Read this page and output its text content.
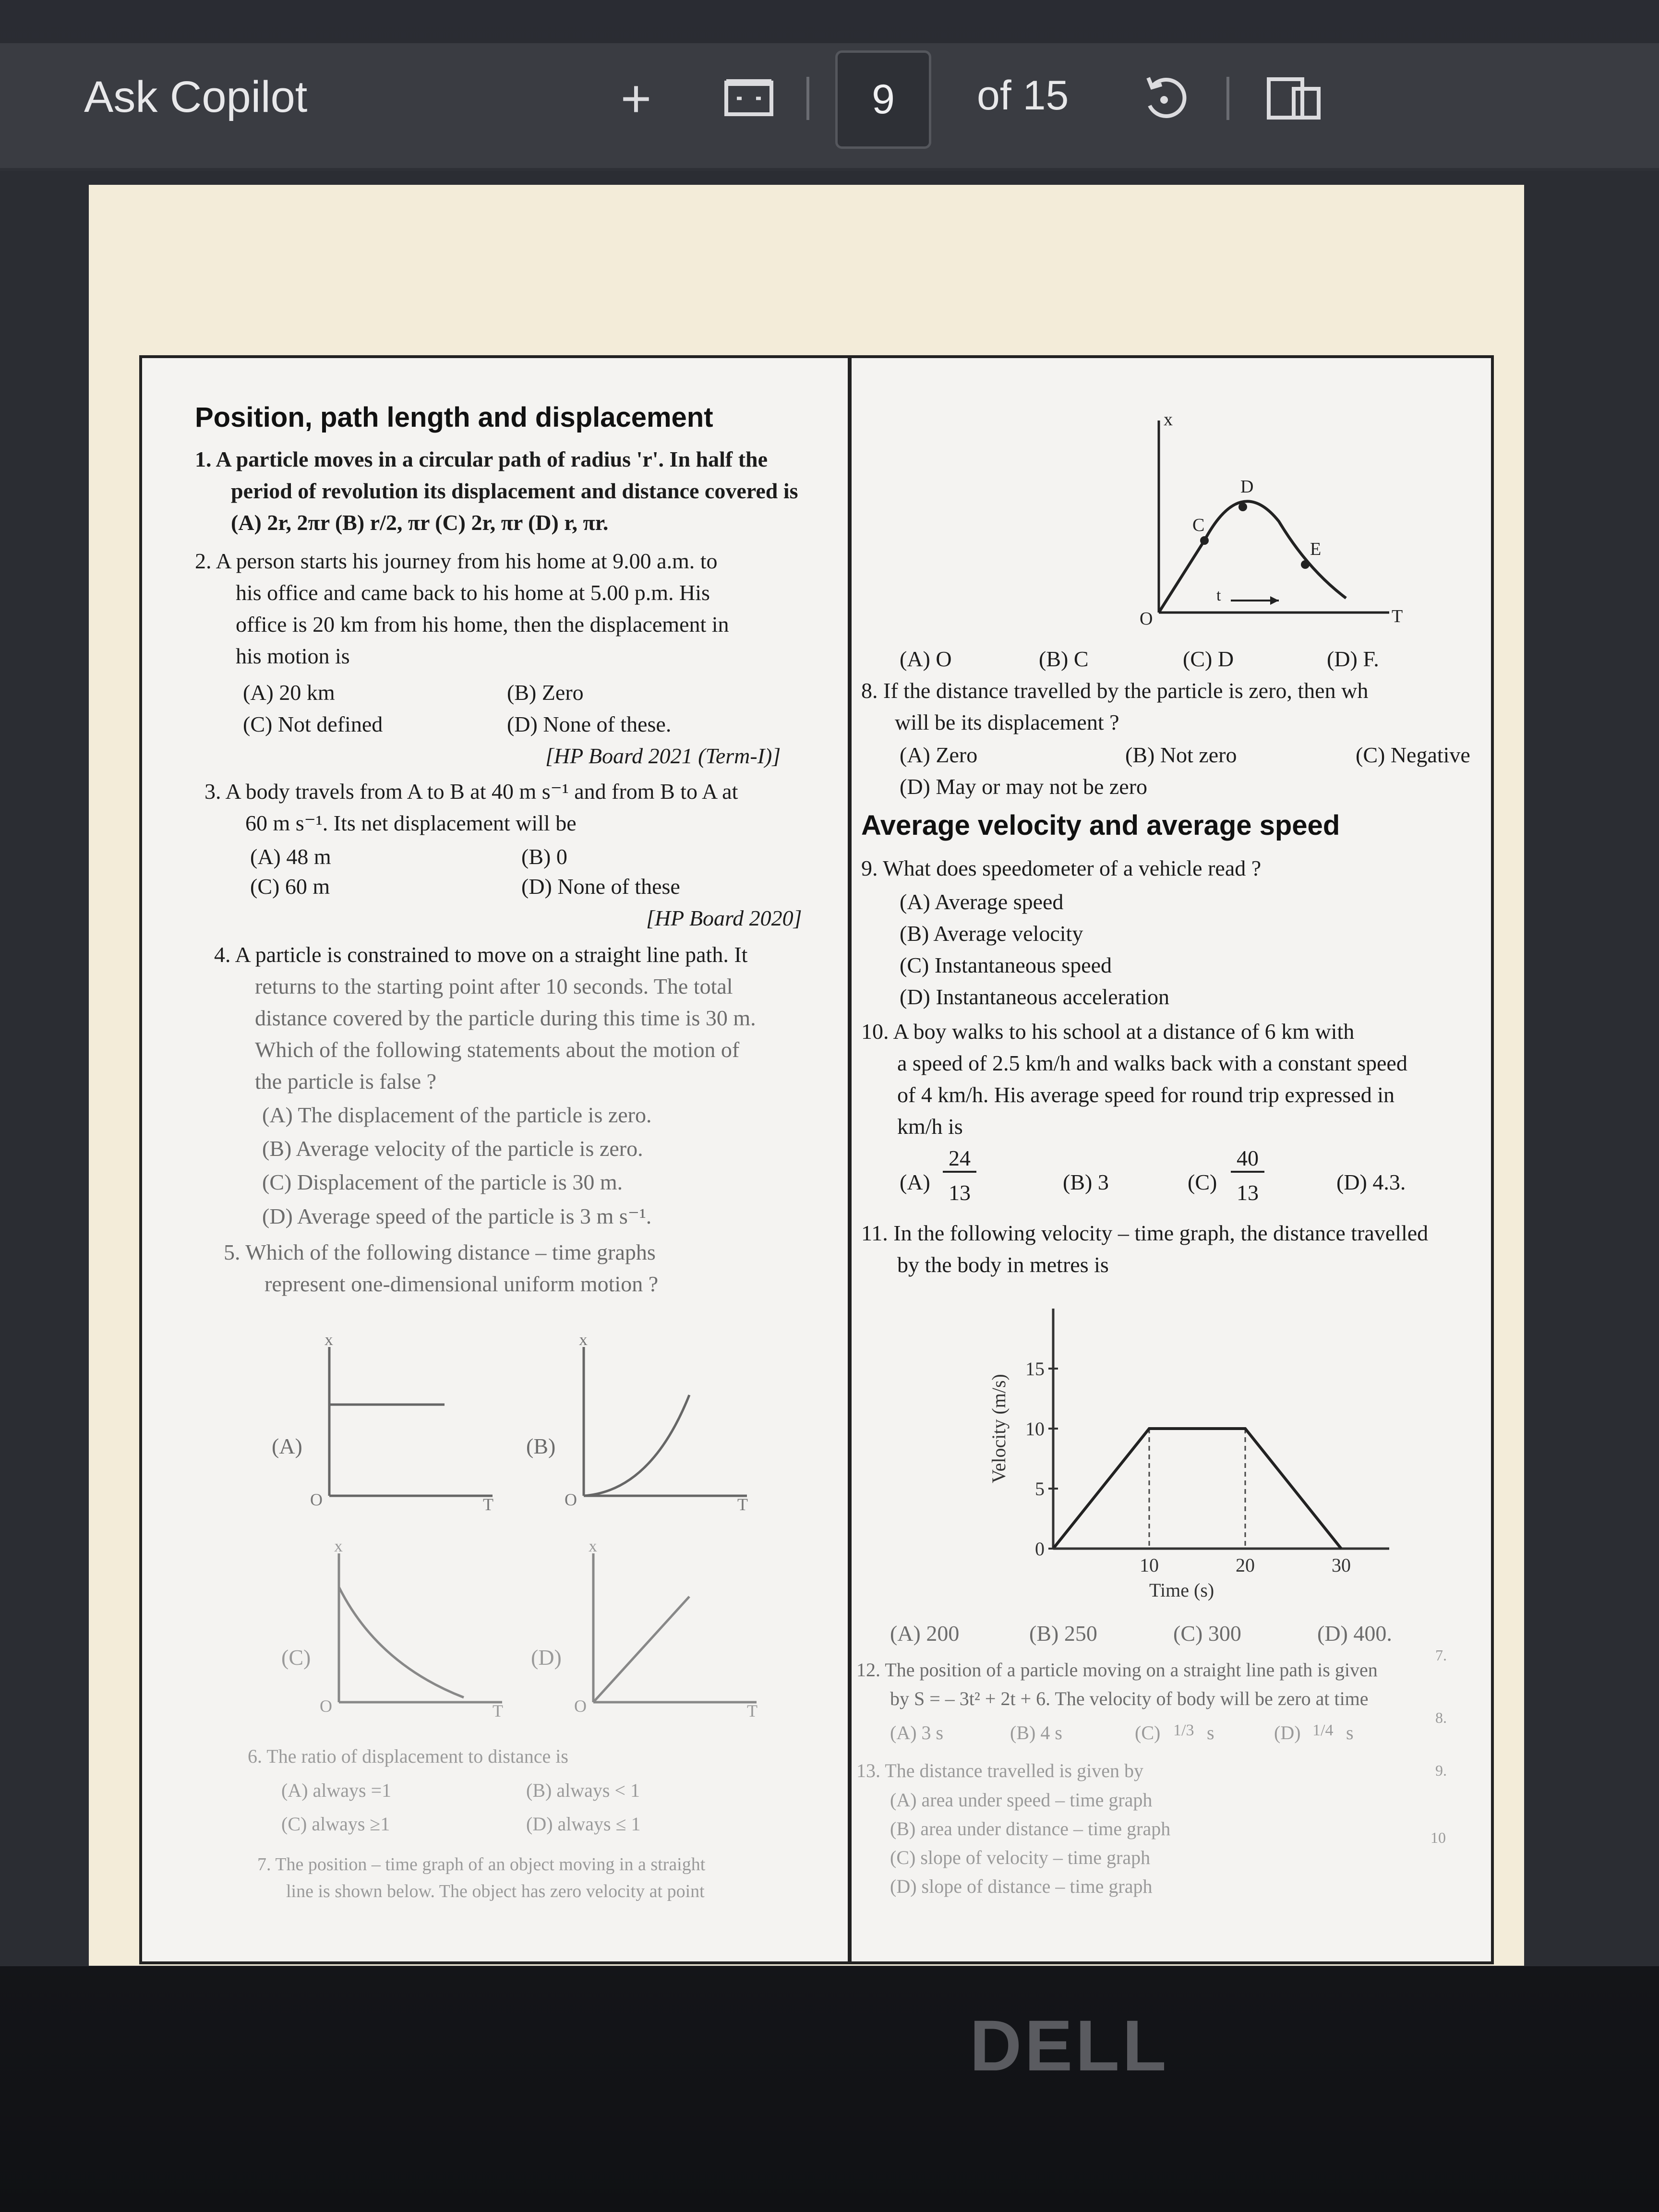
Ask Copilot	+	9 of 15
Position, path length and displacement
1. A particle moves in a circular path of radius 'r'. In half the
period of revolution its displacement and distance covered is
(A) 2r, 2πr (B) r/2, πr (C) 2r, πr (D) r, πr.
2. A person starts his journey from his home at 9.00 a.m. to
his office and came back to his home at 5.00 p.m. His
office is 20 km from his home, then the displacement in
his motion is
(A) 20 km	(B) Zero
(C) Not defined	(D) None of these.
[HP Board 2021 (Term-I)]
3. A body travels from A to B at 40 m s⁻¹ and from B to A at
60 m s⁻¹. Its net displacement will be
(A) 48 m	(B) 0
(C) 60 m	(D) None of these
[HP Board 2020]
4. A particle is constrained to move on a straight line path. It
returns to the starting point after 10 seconds. The total
distance covered by the particle during this time is 30 m.
Which of the following statements about the motion of
the particle is false ?
(A) The displacement of the particle is zero.
(B) Average velocity of the particle is zero.
(C) Displacement of the particle is 30 m.
(D) Average speed of the particle is 3 m s⁻¹.
5. Which of the following distance – time graphs
represent one-dimensional uniform motion ?
(A)
x
O	T
(B)
x
O	T
(C)
x
O	T
(D)
x
O	T
6. The ratio of displacement to distance is
(A) always =1	(B) always < 1
(C) always ≥1	(D) always ≤ 1
7. The position – time graph of an object moving in a straight
line is shown below. The object has zero velocity at point
x
O	T
t
C
D
E
(A) O	(B) C	(C) D	(D) F.
8. If the distance travelled by the particle is zero, then wh
will be its displacement ?
(A) Zero	(B) Not zero	(C) Negative
(D) May or may not be zero
Average velocity and average speed
9. What does speedometer of a vehicle read ?
(A) Average speed
(B) Average velocity
(C) Instantaneous speed
(D) Instantaneous acceleration
10. A boy walks to his school at a distance of 6 km with
a speed of 2.5 km/h and walks back with a constant speed
of 4 km/h. His average speed for round trip expressed in
km/h is
(A)
24
13	(B) 3	(C)
40
13	(D) 4.3.
11. In the following velocity – time graph, the distance travelled
by the body in metres is
0
5
10
15
10	20	30
Velocity (m/s)
Time (s)
(A) 200	(B) 250	(C) 300	(D) 400.
12. The position of a particle moving on a straight line path is given
by S = – 3t² + 2t + 6. The velocity of body will be zero at time
(A) 3 s	(B) 4 s	(C) 1/3 s	(D) 1/4 s
13. The distance travelled is given by
(A) area under speed – time graph
(B) area under distance – time graph
(C) slope of velocity – time graph
(D) slope of distance – time graph
7.
8.
9.
10
DELL
